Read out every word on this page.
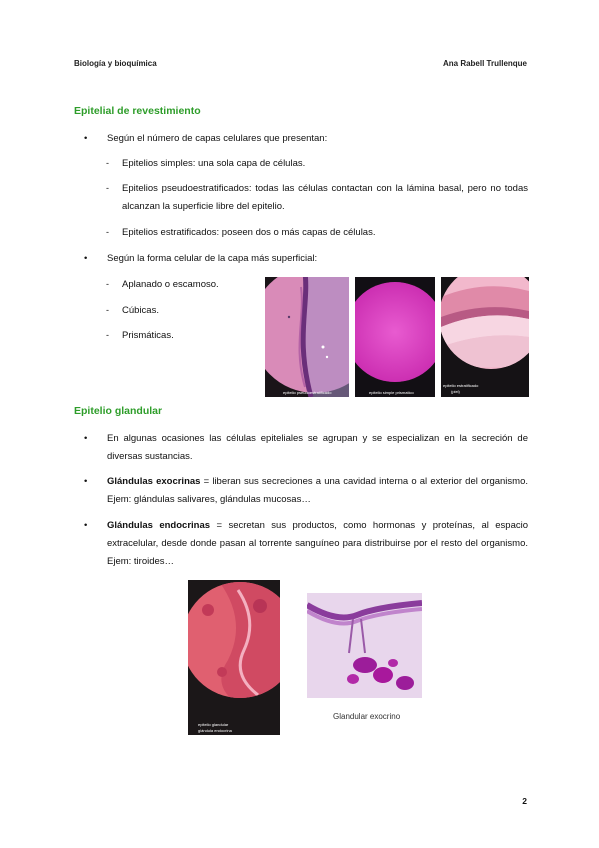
Biología y bioquímica	Ana Rabell Trullenque
Epitelial de revestimiento
• Según el número de capas celulares que presentan:
- Epitelios simples: una sola capa de células.
- Epitelios pseudoestratificados: todas las células contactan con la lámina basal, pero no todas alcanzan la superficie libre del epitelio.
- Epitelios estratificados: poseen dos o más capas de células.
• Según la forma celular de la capa más superficial:
- Aplanado o escamoso.
- Cúbicas.
- Prismáticas.
epitelio pseudoestratificado	epitelio simple prismatico
epitelio estratificado
(piel)
Epitelio glandular
• En algunas ocasiones las células epiteliales se agrupan y se especializan en la secreción de diversas sustancias.
• Glándulas exocrinas = liberan sus secreciones a una cavidad interna o al exterior del organismo. Ejem: glándulas salivares, glándulas mucosas…
• Glándulas endocrinas = secretan sus productos, como hormonas y proteínas, al espacio extracelular, desde donde pasan al torrente sanguíneo para distribuirse por el resto del organismo. Ejem: tiroides…
epitelio glandular
glándula endocrina
Glandular exocrino
2
